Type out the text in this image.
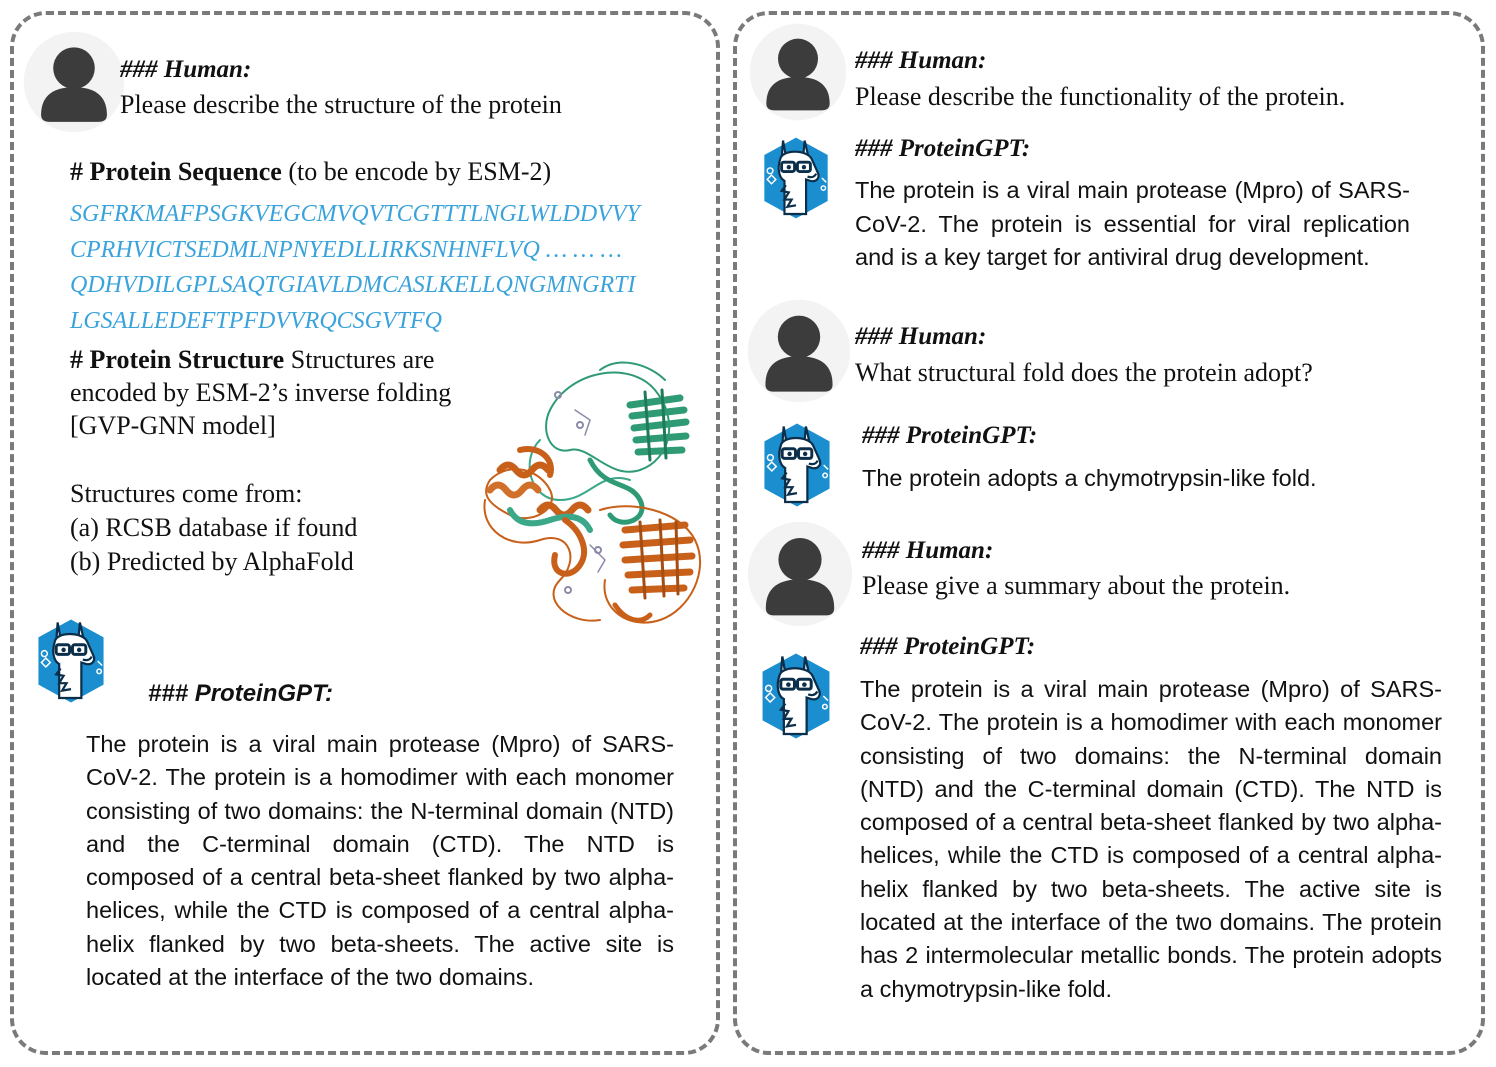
### Human:
Please describe the structure of the protein
# Protein Sequence (to be encode by ESM-2)
SGFRKMAFPSGKVEGCMVQVTCGTTTLNGLWLDDVVY
CPRHVICTSEDMLNPNYEDLLIRKSNHNFLVQ … … …
QDHVDILGPLSAQTGIAVLDMCASLKELLQNGMNGRTI
LGSALLEDEFTPFDVVRQCSGVTFQ
# Protein Structure Structures are
encoded by ESM-2’s inverse folding
[GVP-GNN model]
Structures come from:
(a) RCSB database if found
(b) Predicted by AlphaFold
### ProteinGPT:
The protein is a viral main protease (Mpro) of SARS-CoV-2. The protein is a homodimer with each monomer consisting of two domains: the N-terminal domain (NTD) and the C-terminal domain (CTD). The NTD is composed of a central beta-sheet flanked by two alpha-helices, while the CTD is composed of a central alpha-helix flanked by two beta-sheets. The active site is located at the interface of the two domains.
### Human:
Please describe the functionality of the protein.
### ProteinGPT:
The protein is a viral main protease (Mpro) of SARS-CoV-2. The protein is essential for viral replication and is a key target for antiviral drug development.
### Human:
What structural fold does the protein adopt?
### ProteinGPT:
The protein adopts a chymotrypsin-like fold.
### Human:
Please give a summary about the protein.
### ProteinGPT:
The protein is a viral main protease (Mpro) of SARS-CoV-2. The protein is a homodimer with each monomer consisting of two domains: the N-terminal domain (NTD) and the C-terminal domain (CTD). The NTD is composed of a central beta-sheet flanked by two alpha-helices, while the CTD is composed of a central alpha-helix flanked by two beta-sheets. The active site is located at the interface of the two domains. The protein has 2 intermolecular metallic bonds. The protein adopts a chymotrypsin-like fold.
